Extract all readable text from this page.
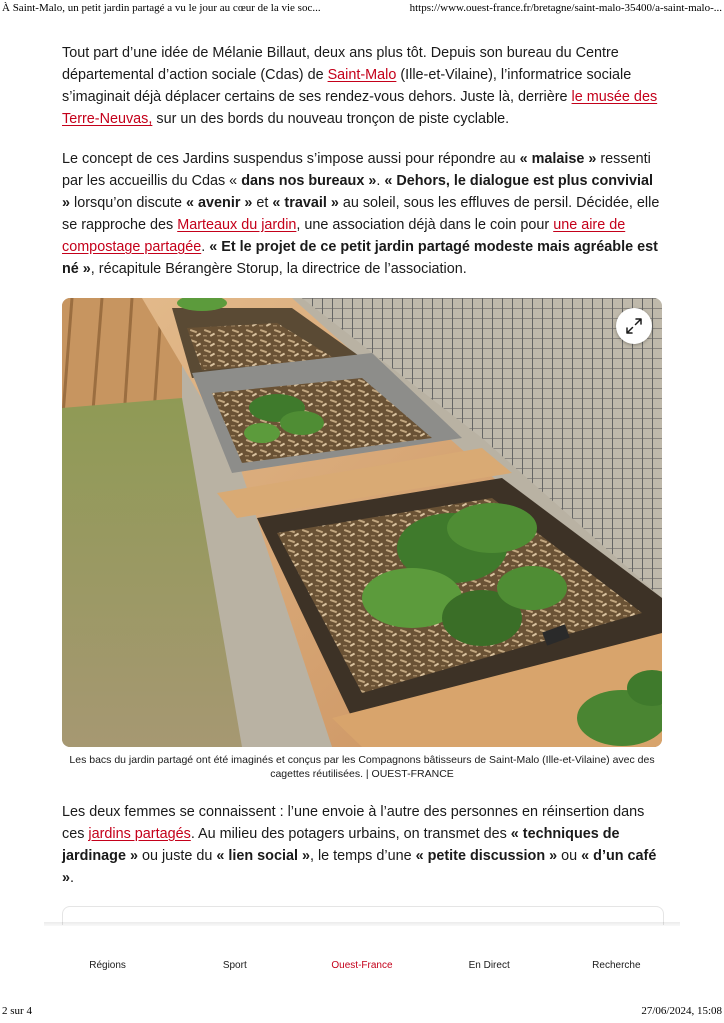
À Saint-Malo, un petit jardin partagé a vu le jour au cœur de la vie soc...	https://www.ouest-france.fr/bretagne/saint-malo-35400/a-saint-malo-...

Tout part d’une idée de Mélanie Billaut, deux ans plus tôt. Depuis son bureau du Centre départemental d’action sociale (Cdas) de Saint-Malo (Ille-et-Vilaine), l’informatrice sociale s’imaginait déjà déplacer certains de ses rendez-vous dehors. Juste là, derrière le musée des Terre-Neuvas, sur un des bords du nouveau tronçon de piste cyclable.

Le concept de ces Jardins suspendus s’impose aussi pour répondre au « malaise » ressenti par les accueillis du Cdas « dans nos bureaux ». « Dehors, le dialogue est plus convivial » lorsqu’on discute « avenir » et « travail » au soleil, sous les effluves de persil. Décidée, elle se rapproche des Marteaux du jardin, une association déjà dans le coin pour une aire de compostage partagée. « Et le projet de ce petit jardin partagé modeste mais agréable est né », récapitule Bérangère Storup, la directrice de l’association.

Les bacs du jardin partagé ont été imaginés et conçus par les Compagnons bâtisseurs de Saint-Malo (Ille-et-Vilaine) avec des cagettes réutilisées. | OUEST-FRANCE

Les deux femmes se connaissent : l’une envoie à l’autre des personnes en réinsertion dans ces jardins partagés. Au milieu des potagers urbains, on transmet des « techniques de jardinage » ou juste du « lien social », le temps d’une « petite discussion » ou « d’un café ».

Régions	Sport	Ouest-France	En Direct	Recherche
2 sur 4	27/06/2024, 15:08
